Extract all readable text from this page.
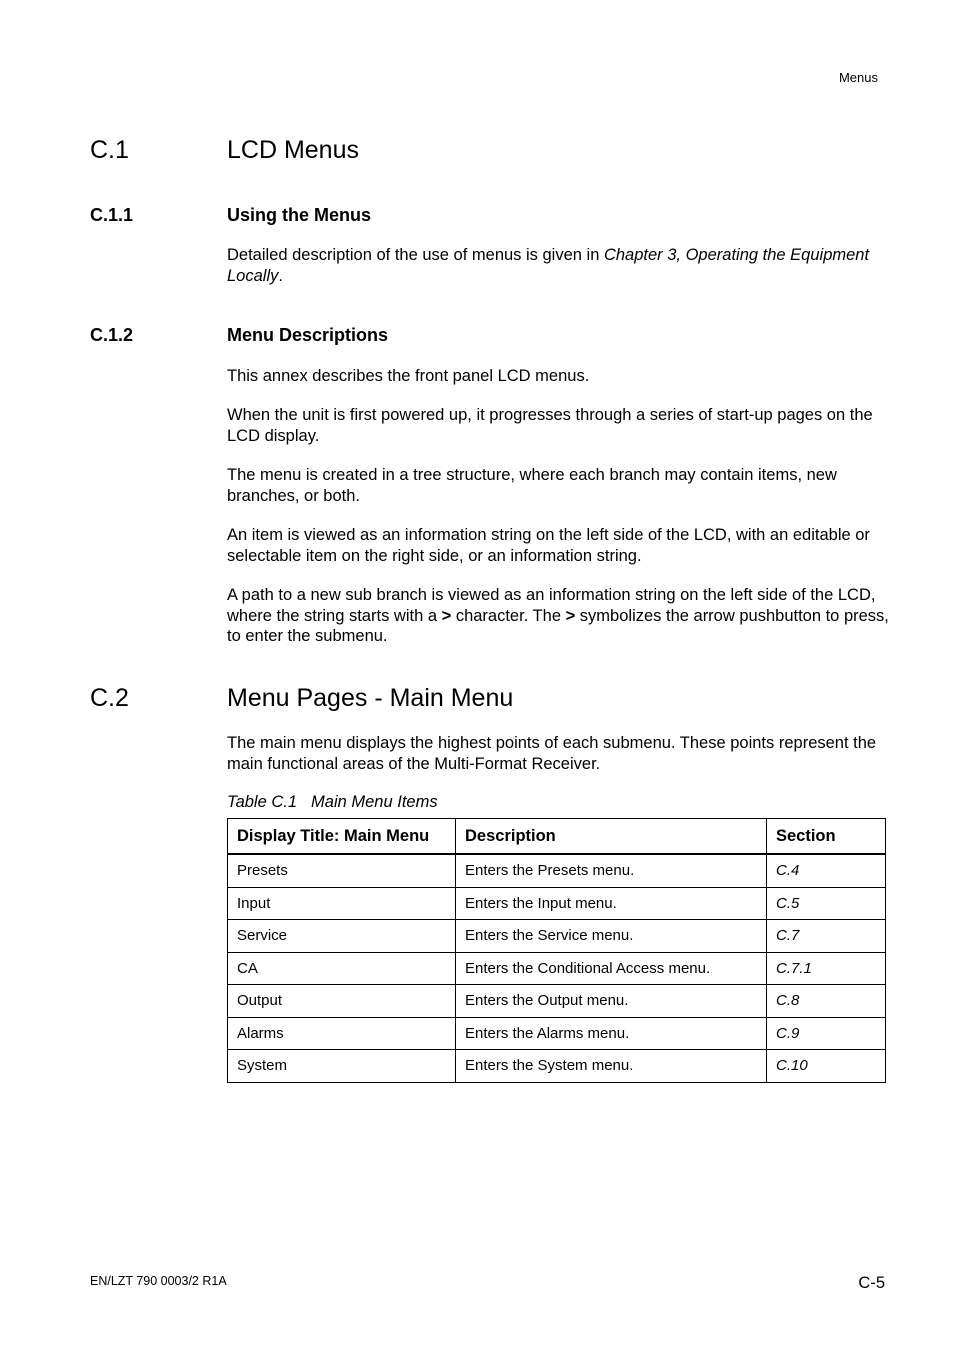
Menus
C.1	LCD Menus
C.1.1	Using the Menus
Detailed description of the use of menus is given in Chapter 3, Operating the Equipment Locally.
C.1.2	Menu Descriptions
This annex describes the front panel LCD menus.
When the unit is first powered up, it progresses through a series of start-up pages on the LCD display.
The menu is created in a tree structure, where each branch may contain items, new branches, or both.
An item is viewed as an information string on the left side of the LCD, with an editable or selectable item on the right side, or an information string.
A path to a new sub branch is viewed as an information string on the left side of the LCD, where the string starts with a > character. The > symbolizes the arrow pushbutton to press, to enter the submenu.
C.2	Menu Pages - Main Menu
The main menu displays the highest points of each submenu. These points represent the main functional areas of the Multi-Format Receiver.
Table C.1 Main Menu Items
Display Title: Main Menu	Description	Section
Presets	Enters the Presets menu.	C.4
Input	Enters the Input menu.	C.5
Service	Enters the Service menu.	C.7
CA	Enters the Conditional Access menu.	C.7.1
Output	Enters the Output menu.	C.8
Alarms	Enters the Alarms menu.	C.9
System	Enters the System menu.	C.10
EN/LZT 790 0003/2 R1A	C-5
